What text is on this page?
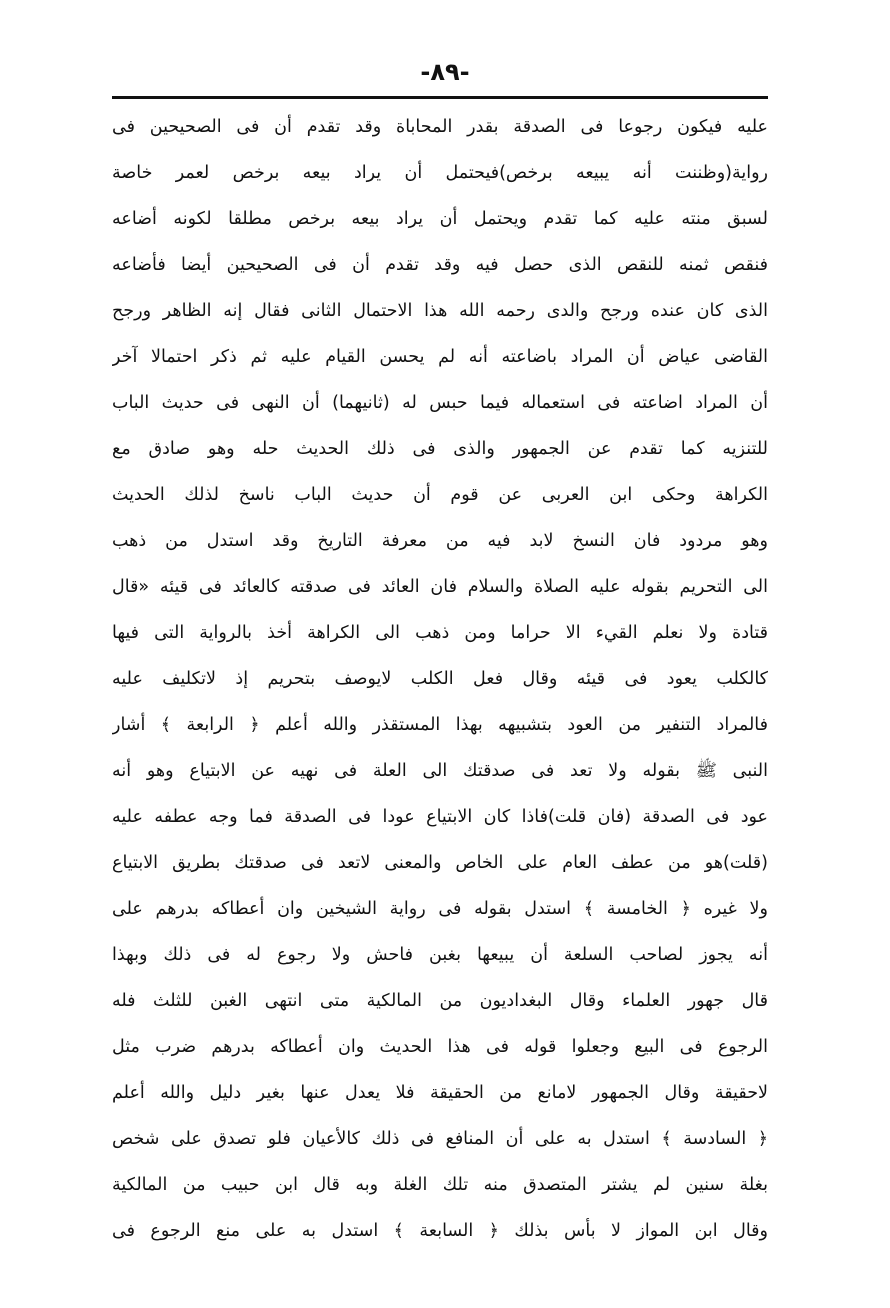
-٨٩-
عليه فيكون رجوعا فى الصدقة بقدر المحاباة وقد تقدم أن فى الصحيحين فى
رواية(وظننت أنه يبيعه برخص)فيحتمل أن يراد بيعه برخص لعمر خاصة
لسبق منته عليه كما تقدم ويحتمل أن يراد بيعه برخص مطلقا لكونه أضاعه
فنقص ثمنه للنقص الذى حصل فيه وقد تقدم أن فى الصحيحين أيضا فأضاعه
الذى كان عنده ورجح والدى رحمه الله هذا الاحتمال الثانى فقال إنه الظاهر ورجح
القاضى عياض أن المراد باضاعته أنه لم يحسن القيام عليه ثم ذكر احتمالا آخر
أن المراد اضاعته فى استعماله فيما حبس له (ثانيهما) أن النهى فى حديث الباب
للتنزيه كما تقدم عن الجمهور والذى فى ذلك الحديث حله وهو صادق مع
الكراهة وحكى ابن العربى عن قوم أن حديث الباب ناسخ لذلك الحديث
وهو مردود فان النسخ لابد فيه من معرفة التاريخ وقد استدل من ذهب
الى التحريم بقوله عليه الصلاة والسلام فان العائد فى صدقته كالعائد فى قيئه «قال
قتادة ولا نعلم القيء الا حراما ومن ذهب الى الكراهة أخذ بالرواية التى فيها
كالكلب يعود فى قيئه وقال فعل الكلب لايوصف بتحريم إذ لاتكليف عليه
فالمراد التنفير من العود بتشبيهه بهذا المستقذر والله أعلم ﴿ الرابعة ﴾ أشار
النبى ﷺ بقوله ولا تعد فى صدقتك الى العلة فى نهيه عن الابتياع وهو أنه
عود فى الصدقة (فان قلت)فاذا كان الابتياع عودا فى الصدقة فما وجه عطفه عليه
(قلت)هو من عطف العام على الخاص والمعنى لاتعد فى صدقتك بطريق الابتياع
ولا غيره ﴿ الخامسة ﴾ استدل بقوله فى رواية الشيخين وان أعطاكه بدرهم على
أنه يجوز لصاحب السلعة أن يبيعها بغبن فاحش ولا رجوع له فى ذلك وبهذا
قال جهور العلماء وقال البغداديون من المالكية متى انتهى الغبن للثلث فله
الرجوع فى البيع وجعلوا قوله فى هذا الحديث وان أعطاكه بدرهم ضرب مثل
لاحقيقة وقال الجمهور لامانع من الحقيقة فلا يعدل عنها بغير دليل والله أعلم
﴿ السادسة ﴾ استدل به على أن المنافع فى ذلك كالأعيان فلو تصدق على شخص
بغلة سنين لم يشتر المتصدق منه تلك الغلة وبه قال ابن حبيب من المالكية
وقال ابن المواز لا بأس بذلك ﴿ السابعة ﴾ استدل به على منع الرجوع فى
